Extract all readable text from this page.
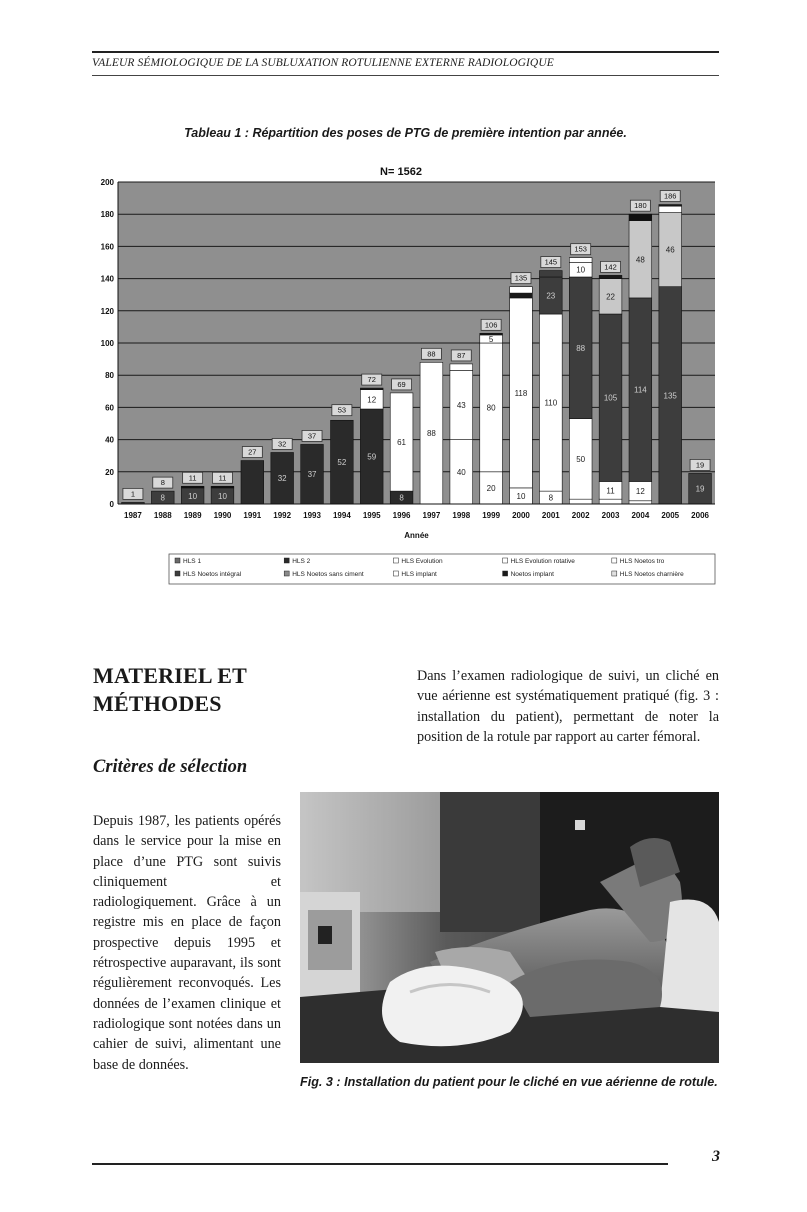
VALEUR SÉMIOLOGIQUE DE LA SUBLUXATION ROTULIENNE EXTERNE RADIOLOGIQUE
Tableau 1 : Répartition des poses de PTG de première intention par année.
0
20
40
60
80
100
120
140
160
180
200
8	10	10
32	37
52
59
12
8
61
88
40
43
20
80
5
10
118
8
110
23
50
88
10
11
105
22
12
114
48
135
46
19
1
8
11	11
27
32
37
53
72
69
88	87
106
135
145
153
142
180
186
19
1987 1988 1989 1990 1991 1992 1993 1994 1995 1996 1997 1998 1999 2000 2001 2002 2003 2004 2005 2006
N= 1562
Année
HLS 1	HLS 2	HLS Evolution	HLS Evolution rotative	HLS Noetos tro
HLS Noetos intégral	HLS Noetos sans ciment	HLS implant	Noetos implant	HLS Noetos charnière
MATERIEL ET
MÉTHODES
Critères de sélection
Depuis 1987, les patients opérés dans le service pour la mise en place d’une PTG sont suivis cliniquement et radiologiquement. Grâce à un registre mis en place de façon prospective depuis 1995 et rétrospective auparavant, ils sont régulièrement reconvoqués. Les données de l’examen clinique et radiologique sont notées dans un cahier de suivi, alimentant une base de données.
Dans l’examen radiologique de suivi, un cliché en vue aérienne est systématiquement pratiqué (fig. 3 : installation du patient), permettant de noter la position de la rotule par rapport au carter fémoral.
Fig. 3 : Installation du patient pour le cliché en vue aérienne de rotule.
3
